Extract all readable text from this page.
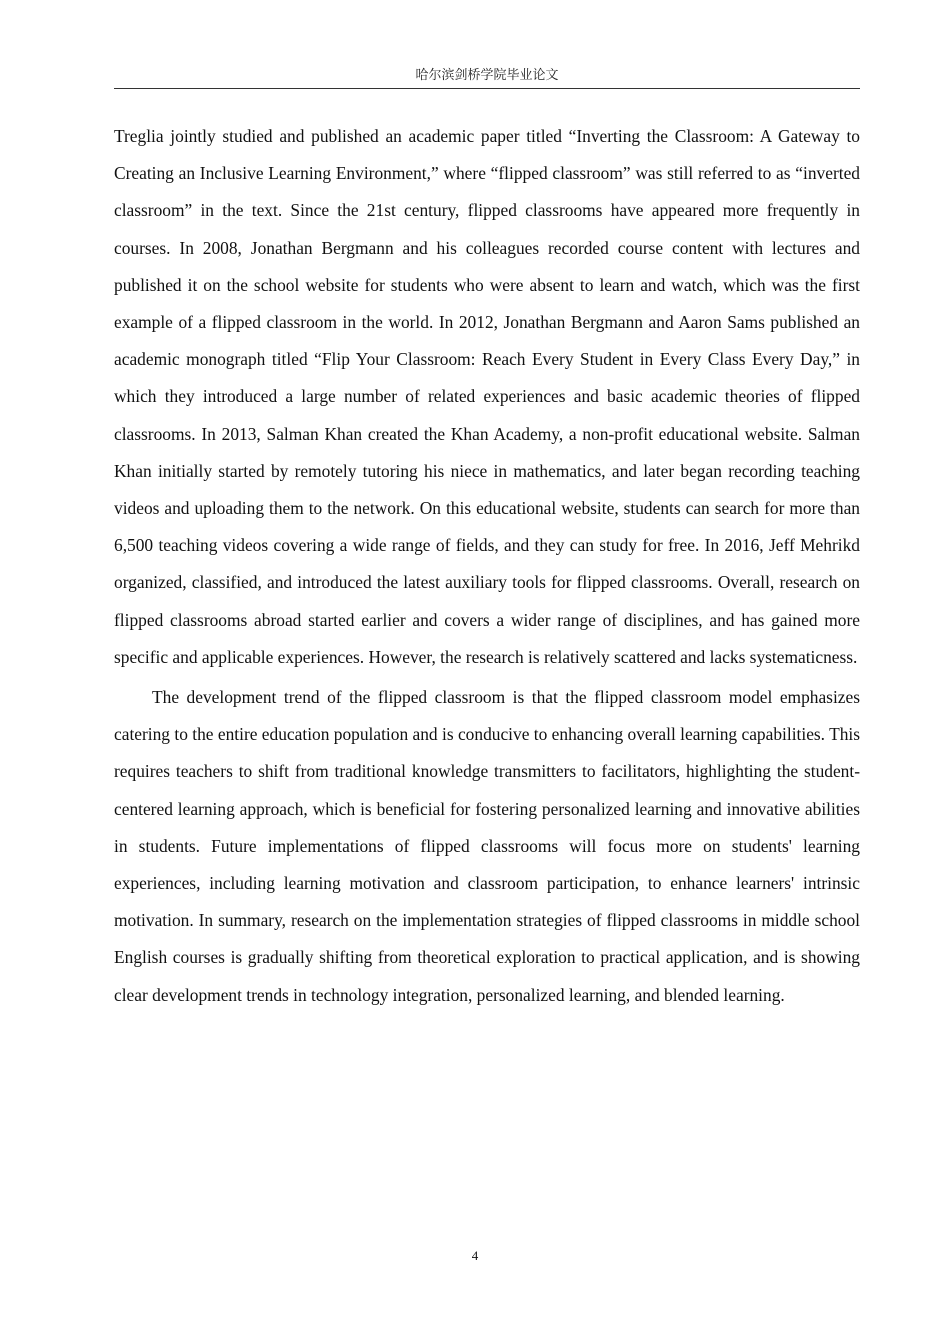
哈尔滨剑桥学院毕业论文

Treglia jointly studied and published an academic paper titled “Inverting the Classroom: A Gateway to Creating an Inclusive Learning Environment,” where “flipped classroom” was still referred to as “inverted classroom” in the text. Since the 21st century, flipped classrooms have appeared more frequently in courses. In 2008, Jonathan Bergmann and his colleagues recorded course content with lectures and published it on the school website for students who were absent to learn and watch, which was the first example of a flipped classroom in the world. In 2012, Jonathan Bergmann and Aaron Sams published an academic monograph titled “Flip Your Classroom: Reach Every Student in Every Class Every Day,” in which they introduced a large number of related experiences and basic academic theories of flipped classrooms. In 2013, Salman Khan created the Khan Academy, a non-profit educational website. Salman Khan initially started by remotely tutoring his niece in mathematics, and later began recording teaching videos and uploading them to the network. On this educational website, students can search for more than 6,500 teaching videos covering a wide range of fields, and they can study for free. In 2016, Jeff Mehrikd organized, classified, and introduced the latest auxiliary tools for flipped classrooms. Overall, research on flipped classrooms abroad started earlier and covers a wider range of disciplines, and has gained more specific and applicable experiences. However, the research is relatively scattered and lacks systematicness.

The development trend of the flipped classroom is that the flipped classroom model emphasizes catering to the entire education population and is conducive to enhancing overall learning capabilities. This requires teachers to shift from traditional knowledge transmitters to facilitators, highlighting the student-centered learning approach, which is beneficial for fostering personalized learning and innovative abilities in students. Future implementations of flipped classrooms will focus more on students' learning experiences, including learning motivation and classroom participation, to enhance learners' intrinsic motivation. In summary, research on the implementation strategies of flipped classrooms in middle school English courses is gradually shifting from theoretical exploration to practical application, and is showing clear development trends in technology integration, personalized learning, and blended learning.

4
